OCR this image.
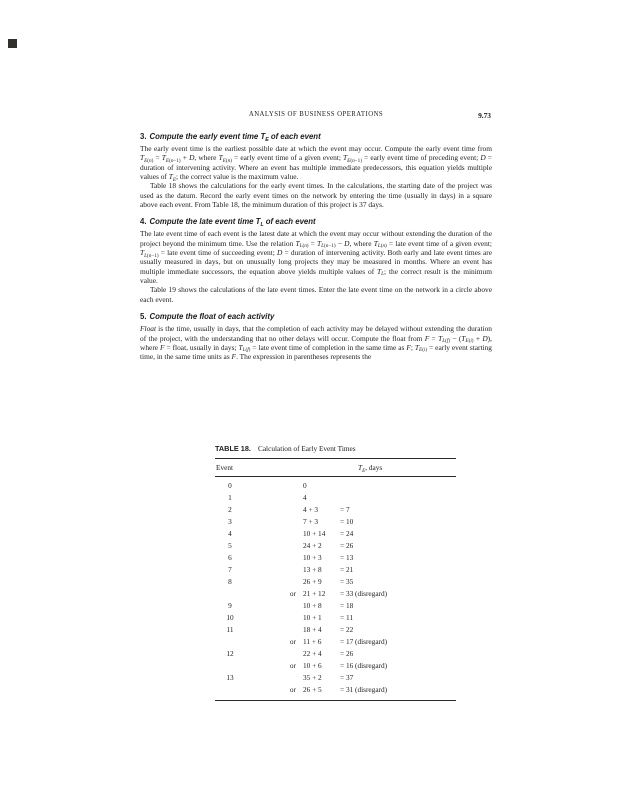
ANALYSIS OF BUSINESS OPERATIONS	9.73
3. Compute the early event time $T_E$ of each event

The early event time is the earliest possible date at which the event may occur. Compute the early event time from $T_{E(n)} = T_{E(n-1)} + D$, where $T_{E(n)}$ = early event time of a given event; $T_{E(n-1)}$ = early event time of preceding event; D = duration of intervening activity. Where an event has multiple immediate predecessors, this equation yields multiple values of $T_E$; the correct value is the maximum value.

Table 18 shows the calculations for the early event times. In the calculations, the starting date of the project was used as the datum. Record the early event times on the network by entering the time (usually in days) in a square above each event. From Table 18, the minimum duration of this project is 37 days.

4. Compute the late event time $T_L$ of each event

The late event time of each event is the latest date at which the event may occur without extending the duration of the project beyond the minimum time. Use the relation $T_{L(n)} = T_{L(n-1)} - D$, where $T_{L(n)}$ = late event time of a given event; $T_{L(n-1)}$ = late event time of succeeding event; D = duration of intervening activity. Both early and late event times are usually measured in days, but on unusually long projects they may be measured in months. Where an event has multiple immediate successors, the equation above yields multiple values of $T_L$; the correct result is the minimum value.

Table 19 shows the calculations of the late event times. Enter the late event time on the network in a circle above each event.

5. Compute the float of each activity

Float is the time, usually in days, that the completion of each activity may be delayed without extending the duration of the project, with the understanding that no other delays will occur. Compute the float from $F = T_{L(f)} - (T_{E(i)} + D)$, where F = float, usually in days; $T_{L(f)}$ = late event time of completion in the same time as F; $T_{E(i)}$ = early event starting time, in the same time units as F. The expression in parentheses represents the

TABLE 18. Calculation of Early Event Times
Event	$T_E$, days
0	0
1	4
2	4 + 3	= 7
3	7 + 3	= 10
4	10 + 14	= 24
5	24 + 2	= 26
6	10 + 3	= 13
7	13 + 8	= 21
8	26 + 9	= 35
or 21 + 12	= 33 (disregard)
9	10 + 8	= 18
10	10 + 1	= 11
11	18 + 4	= 22
or 11 + 6	= 17 (disregard)
12	22 + 4	= 26
or 10 + 6	= 16 (disregard)
13	35 + 2	= 37
or 26 + 5	= 31 (disregard)
